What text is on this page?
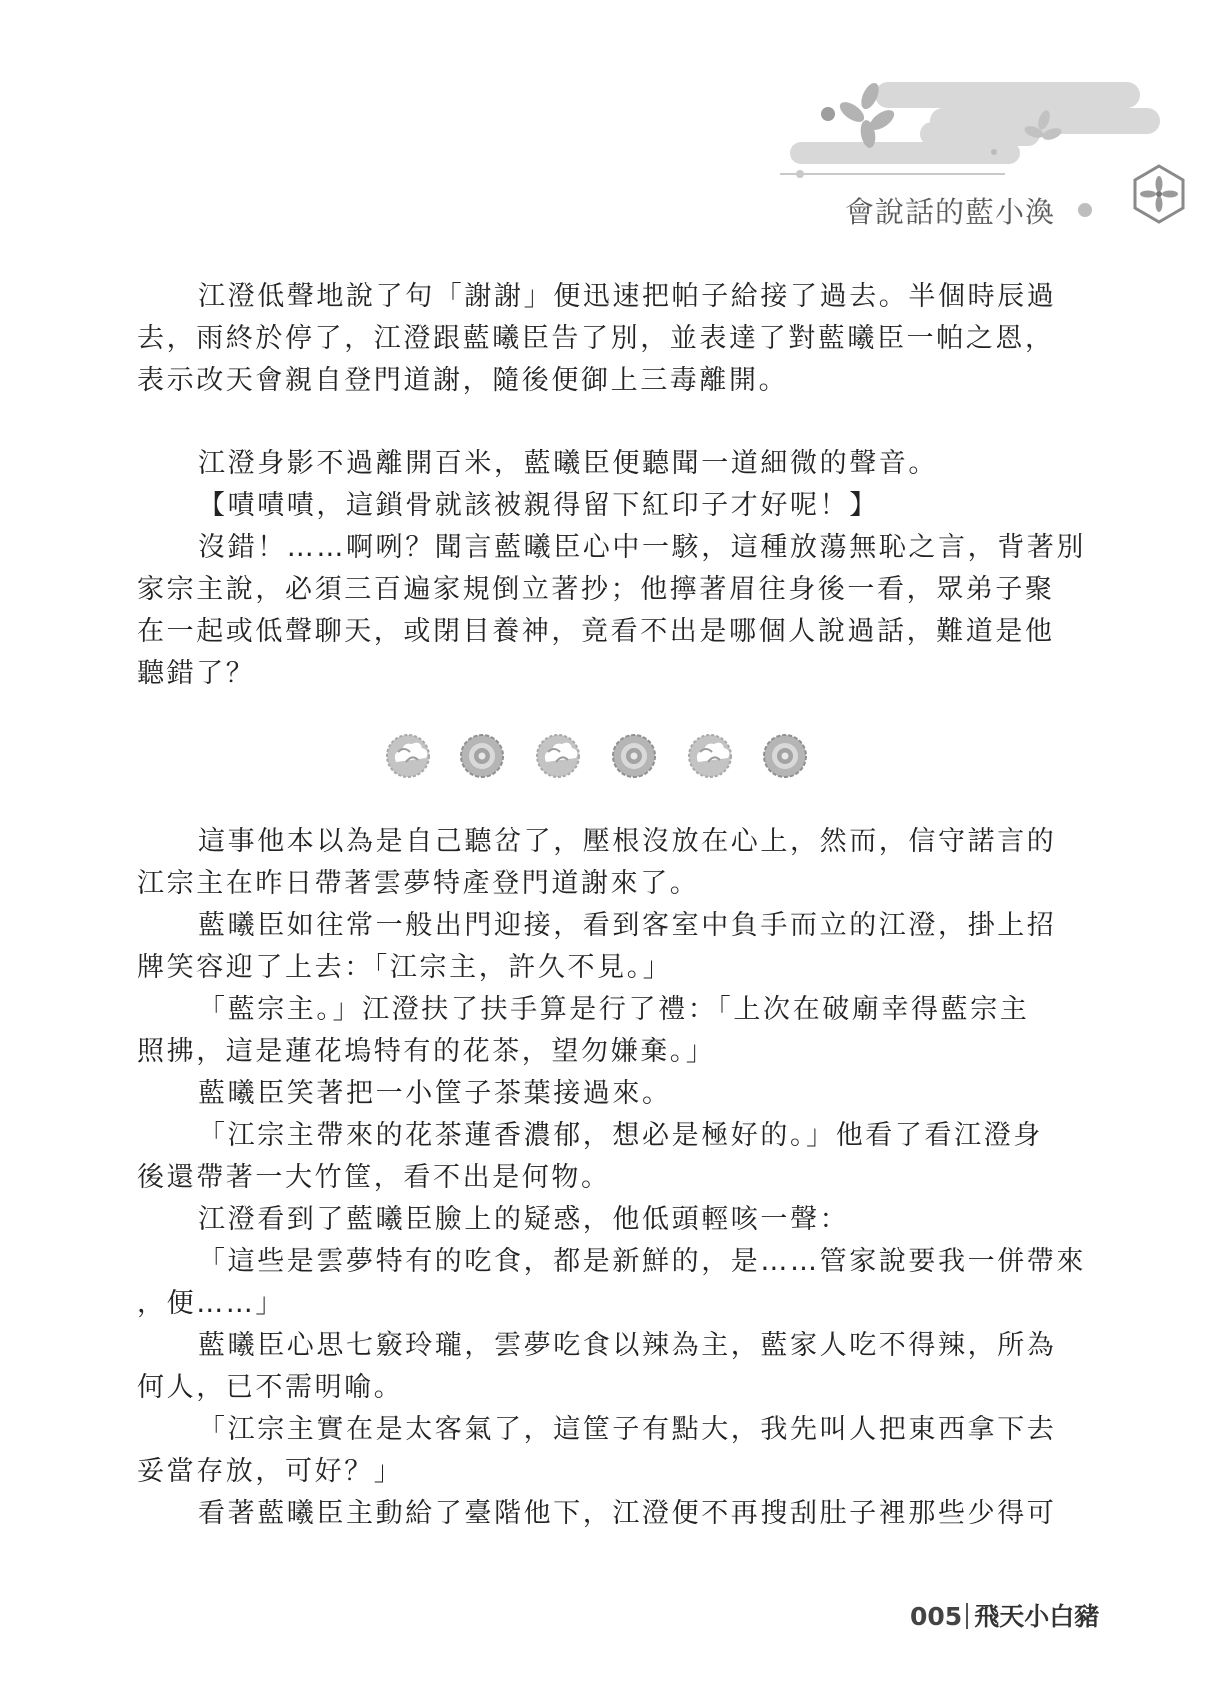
會說話的藍小渙
江澄低聲地說了句「謝謝」便迅速把帕子給接了過去。半個時辰過
去，雨終於停了，江澄跟藍曦臣告了別，並表達了對藍曦臣一帕之恩，
表示改天會親自登門道謝，隨後便御上三毒離開。
江澄身影不過離開百米，藍曦臣便聽聞一道細微的聲音。
【嘖嘖嘖，這鎖骨就該被親得留下紅印子才好呢！】
沒錯！……啊咧？聞言藍曦臣心中一駭，這種放蕩無恥之言，背著別
家宗主說，必須三百遍家規倒立著抄；他擰著眉往身後一看，眾弟子聚
在一起或低聲聊天，或閉目養神，竟看不出是哪個人說過話，難道是他
聽錯了？
這事他本以為是自己聽岔了，壓根沒放在心上，然而，信守諾言的
江宗主在昨日帶著雲夢特產登門道謝來了。
藍曦臣如往常一般出門迎接，看到客室中負手而立的江澄，掛上招
牌笑容迎了上去：「江宗主，許久不見。」
「藍宗主。」江澄扶了扶手算是行了禮：「上次在破廟幸得藍宗主
照拂，這是蓮花塢特有的花茶，望勿嫌棄。」
藍曦臣笑著把一小筐子茶葉接過來。
「江宗主帶來的花茶蓮香濃郁，想必是極好的。」他看了看江澄身
後還帶著一大竹筐，看不出是何物。
江澄看到了藍曦臣臉上的疑惑，他低頭輕咳一聲：
「這些是雲夢特有的吃食，都是新鮮的，是……管家說要我一併帶來
，便……」
藍曦臣心思七竅玲瓏，雲夢吃食以辣為主，藍家人吃不得辣，所為
何人，已不需明喻。
「江宗主實在是太客氣了，這筐子有點大，我先叫人把東西拿下去
妥當存放，可好？」
看著藍曦臣主動給了臺階他下，江澄便不再搜刮肚子裡那些少得可
005 飛天小白豬
